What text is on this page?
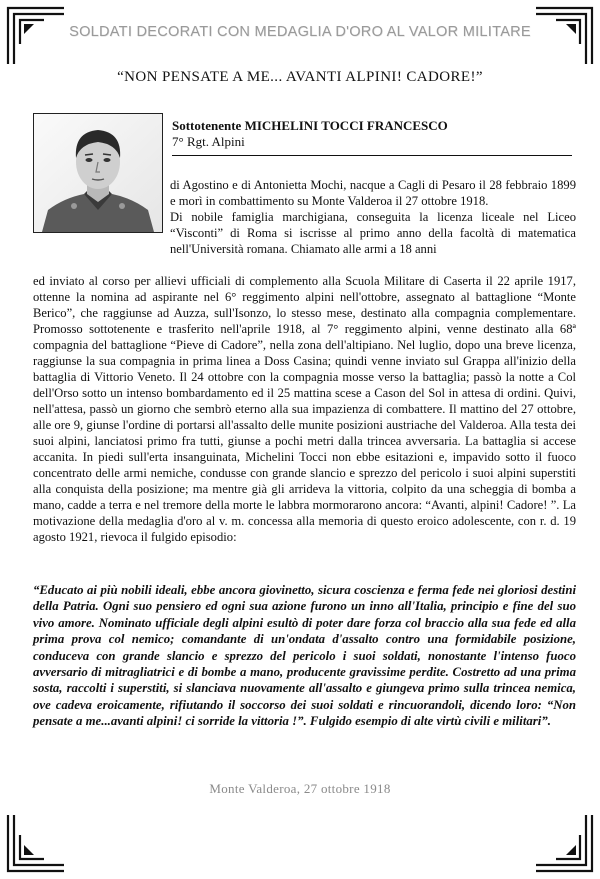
SOLDATI DECORATI CON MEDAGLIA D'ORO AL VALOR MILITARE
“NON PENSATE A ME... AVANTI ALPINI! CADORE!”
Sottotenente MICHELINI TOCCI FRANCESCO
7° Rgt. Alpini

di Agostino e di Antonietta Mochi, nacque a Cagli di Pesaro il 28 febbraio 1899 e morì in combattimento su Monte Valderoa il 27 ottobre 1918.

Di nobile famiglia marchigiana, conseguita la licenza liceale nel Liceo “Visconti” di Roma si iscrisse al primo anno della facoltà di matematica nell'Università romana. Chiamato alle armi a 18 anni

ed inviato al corso per allievi ufficiali di complemento alla Scuola Militare di Caserta il 22 aprile 1917, ottenne la nomina ad aspirante nel 6° reggimento alpini nell'ottobre, assegnato al battaglione “Monte Berico”, che raggiunse ad Auzza, sull'Isonzo, lo stesso mese, destinato alla compagnia complementare. Promosso sottotenente e trasferito nell'aprile 1918, al 7° reggimento alpini, venne destinato alla 68ª compagnia del battaglione “Pieve di Cadore”, nella zona dell'altipiano. Nel luglio, dopo una breve licenza, raggiunse la sua compagnia in prima linea a Doss Casina; quindi venne inviato sul Grappa all'inizio della battaglia di Vittorio Veneto. Il 24 ottobre con la compagnia mosse verso la battaglia; passò la notte a Col dell'Orso sotto un intenso bombardamento ed il 25 mattina scese a Cason del Sol in attesa di ordini. Quivi, nell'attesa, passò un giorno che sembrò eterno alla sua impazienza di combattere. Il mattino del 27 ottobre, alle ore 9, giunse l'ordine di portarsi all'assalto delle munite posizioni austriache del Valderoa. Alla testa dei suoi alpini, lanciatosi primo fra tutti, giunse a pochi metri dalla trincea avversaria. La battaglia si accese accanita. In piedi sull'erta insanguinata, Michelini Tocci non ebbe esitazioni e, impavido sotto il fuoco concentrato delle armi nemiche, condusse con grande slancio e sprezzo del pericolo i suoi alpini superstiti alla conquista della posizione; ma mentre già gli arrideva la vittoria, colpito da una scheggia di bomba a mano, cadde a terra e nel tremore della morte le labbra mormorarono ancora: “Avanti, alpini! Cadore! ”. La motivazione della medaglia d'oro al v. m. concessa alla memoria di questo eroico adolescente, con r. d. 19 agosto 1921, rievoca il fulgido episodio:

“Educato ai più nobili ideali, ebbe ancora giovinetto, sicura coscienza e ferma fede nei gloriosi destini della Patria. Ogni suo pensiero ed ogni sua azione furono un inno all'Italia, principio e fine del suo vivo amore. Nominato ufficiale degli alpini esultò di poter dare forza col braccio alla sua fede ed alla prima prova col nemico; comandante di un'ondata d'assalto contro una formidabile posizione, conduceva con grande slancio e sprezzo del pericolo i suoi soldati, nonostante l'intenso fuoco avversario di mitragliatrici e di bombe a mano, producente gravissime perdite. Costretto ad una prima sosta, raccolti i superstiti, si slanciava nuovamente all'assalto e giungeva primo sulla trincea nemica, ove cadeva eroicamente, rifiutando il soccorso dei suoi soldati e rincuorandoli, dicendo loro: “Non pensate a me...avanti alpini! ci sorride la vittoria !”. Fulgido esempio di alte virtù civili e militari”.
Monte Valderoa, 27 ottobre 1918
